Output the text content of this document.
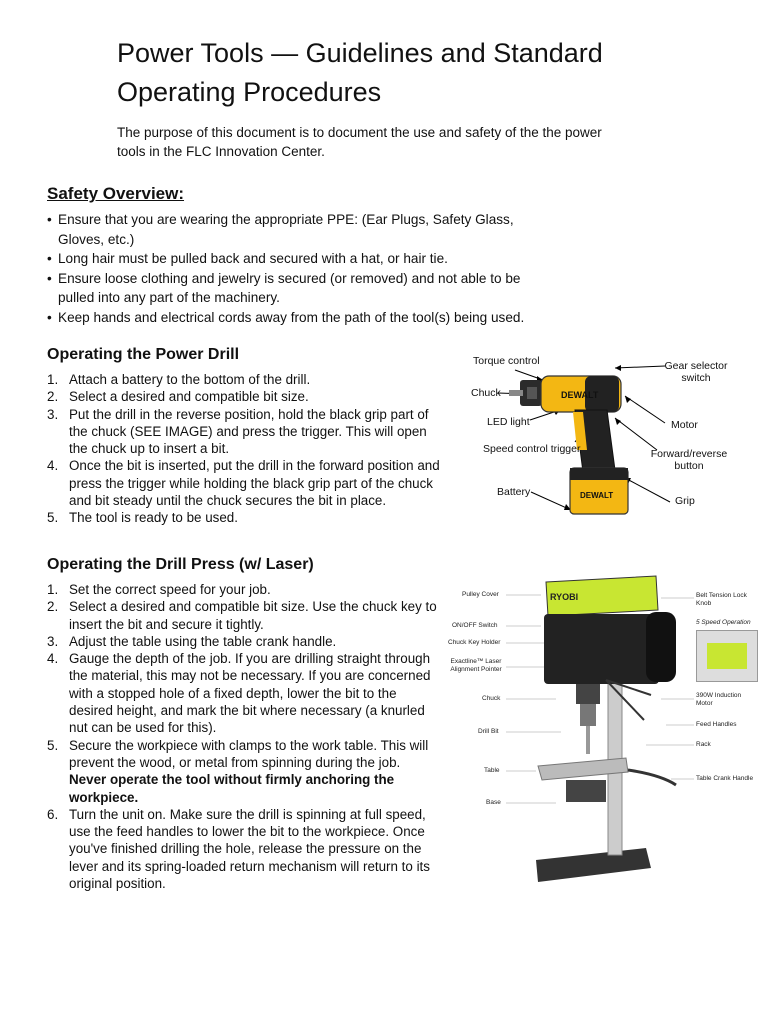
Power Tools — Guidelines and Standard Operating Procedures

The purpose of this document is to document the use and safety of the the power tools in the FLC Innovation Center.

Safety Overview:
• Ensure that you are wearing the appropriate PPE: (Ear Plugs, Safety Glass, Gloves, etc.)
• Long hair must be pulled back and secured with a hat, or hair tie.
• Ensure loose clothing and jewelry is secured (or removed) and not able to be pulled into any part of the machinery.
• Keep hands and electrical cords away from the path of the tool(s) being used.
Operating the Power Drill
1. Attach a battery to the bottom of the drill.
2. Select a desired and compatible bit size.
3. Put the drill in the reverse position, hold the black grip part of the chuck (SEE IMAGE) and press the trigger. This will open the chuck up to insert a bit.
4. Once the bit is inserted, put the drill in the forward position and press the trigger while holding the black grip part of the chuck and bit steady until the chuck secures the bit in place.
5. The tool is ready to be used.
DEWALT
DEWALT
Torque control	Gear selector switch
Chuck
LED light	Motor
Speed control trigger	Forward/reverse button
Battery
Grip
Operating the Drill Press (w/ Laser)
1. Set the correct speed for your job.
2. Select a desired and compatible bit size. Use the chuck key to insert the bit and secure it tightly.
3. Adjust the table using the table crank handle.
4. Gauge the depth of the job. If you are drilling straight through the material, this may not be necessary. If you are concerned with a stopped hole of a fixed depth, lower the bit to the desired height, and mark the bit where necessary (a knurled nut can be used for this).
5. Secure the workpiece with clamps to the work table. This will prevent the wood, or metal from spinning during the job.
Never operate the tool without firmly anchoring the workpiece.
6. Turn the unit on. Make sure the drill is spinning at full speed, use the feed handles to lower the bit to the workpiece. Once you've finished drilling the hole, release the pressure on the lever and its spring-loaded return mechanism will return to its original position.
RYOBI
Pulley Cover
ON/OFF Switch
Chuck Key Holder
Exactline™ Laser Alignment Pointer
Chuck
Drill Bit
Table
Base
Belt Tension Lock Knob
5 Speed Operation
390W Induction Motor
Feed Handles
Rack
Table Crank Handle
